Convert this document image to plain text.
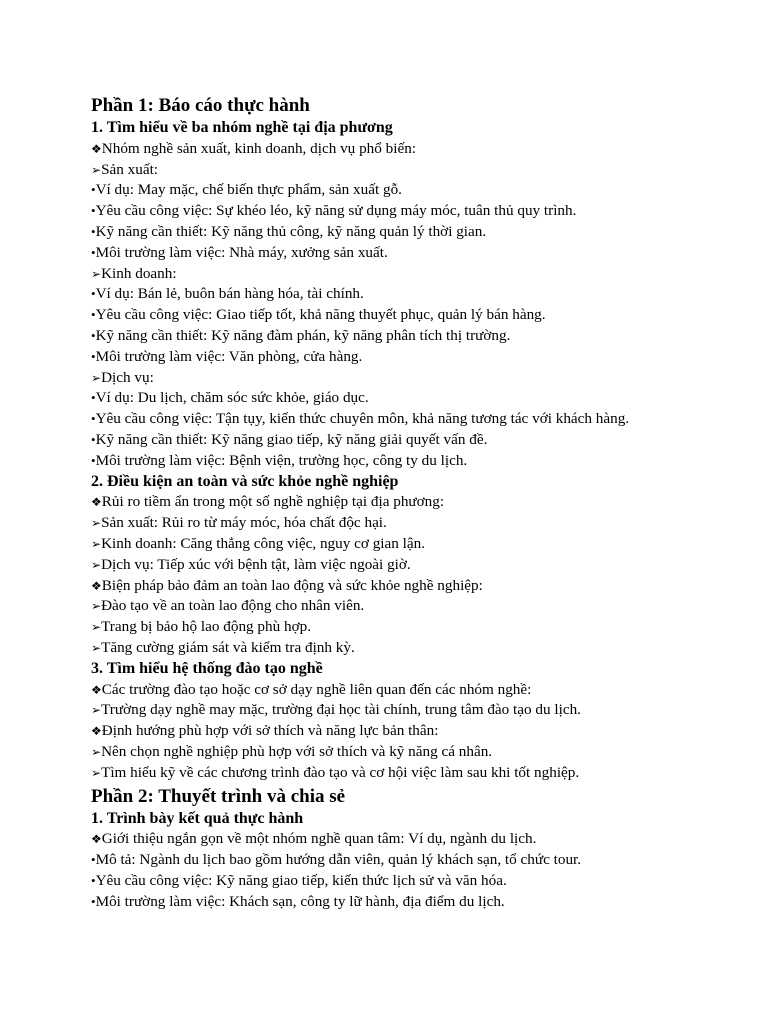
Phần 1: Báo cáo thực hành
1. Tìm hiểu về ba nhóm nghề tại địa phương
❖Nhóm nghề sản xuất, kinh doanh, dịch vụ phổ biến:
➢Sản xuất:
•Ví dụ: May mặc, chế biến thực phẩm, sản xuất gỗ.
•Yêu cầu công việc: Sự khéo léo, kỹ năng sử dụng máy móc, tuân thủ quy trình.
•Kỹ năng cần thiết: Kỹ năng thủ công, kỹ năng quản lý thời gian.
•Môi trường làm việc: Nhà máy, xưởng sản xuất.
➢Kinh doanh:
•Ví dụ: Bán lẻ, buôn bán hàng hóa, tài chính.
•Yêu cầu công việc: Giao tiếp tốt, khả năng thuyết phục, quản lý bán hàng.
•Kỹ năng cần thiết: Kỹ năng đàm phán, kỹ năng phân tích thị trường.
•Môi trường làm việc: Văn phòng, cửa hàng.
➢Dịch vụ:
•Ví dụ: Du lịch, chăm sóc sức khỏe, giáo dục.
•Yêu cầu công việc: Tận tụy, kiến thức chuyên môn, khả năng tương tác với khách hàng.
•Kỹ năng cần thiết: Kỹ năng giao tiếp, kỹ năng giải quyết vấn đề.
•Môi trường làm việc: Bệnh viện, trường học, công ty du lịch.
2. Điều kiện an toàn và sức khỏe nghề nghiệp
❖Rủi ro tiềm ẩn trong một số nghề nghiệp tại địa phương:
➢Sản xuất: Rủi ro từ máy móc, hóa chất độc hại.
➢Kinh doanh: Căng thẳng công việc, nguy cơ gian lận.
➢Dịch vụ: Tiếp xúc với bệnh tật, làm việc ngoài giờ.
❖Biện pháp bảo đảm an toàn lao động và sức khỏe nghề nghiệp:
➢Đào tạo về an toàn lao động cho nhân viên.
➢Trang bị bảo hộ lao động phù hợp.
➢Tăng cường giám sát và kiểm tra định kỳ.
3. Tìm hiểu hệ thống đào tạo nghề
❖Các trường đào tạo hoặc cơ sở dạy nghề liên quan đến các nhóm nghề:
➢Trường dạy nghề may mặc, trường đại học tài chính, trung tâm đào tạo du lịch.
❖Định hướng phù hợp với sở thích và năng lực bản thân:
➢Nên chọn nghề nghiệp phù hợp với sở thích và kỹ năng cá nhân.
➢Tìm hiểu kỹ về các chương trình đào tạo và cơ hội việc làm sau khi tốt nghiệp.
Phần 2: Thuyết trình và chia sẻ
1. Trình bày kết quả thực hành
❖Giới thiệu ngắn gọn về một nhóm nghề quan tâm: Ví dụ, ngành du lịch.
•Mô tả: Ngành du lịch bao gồm hướng dẫn viên, quản lý khách sạn, tổ chức tour.
•Yêu cầu công việc: Kỹ năng giao tiếp, kiến thức lịch sử và văn hóa.
•Môi trường làm việc: Khách sạn, công ty lữ hành, địa điểm du lịch.
